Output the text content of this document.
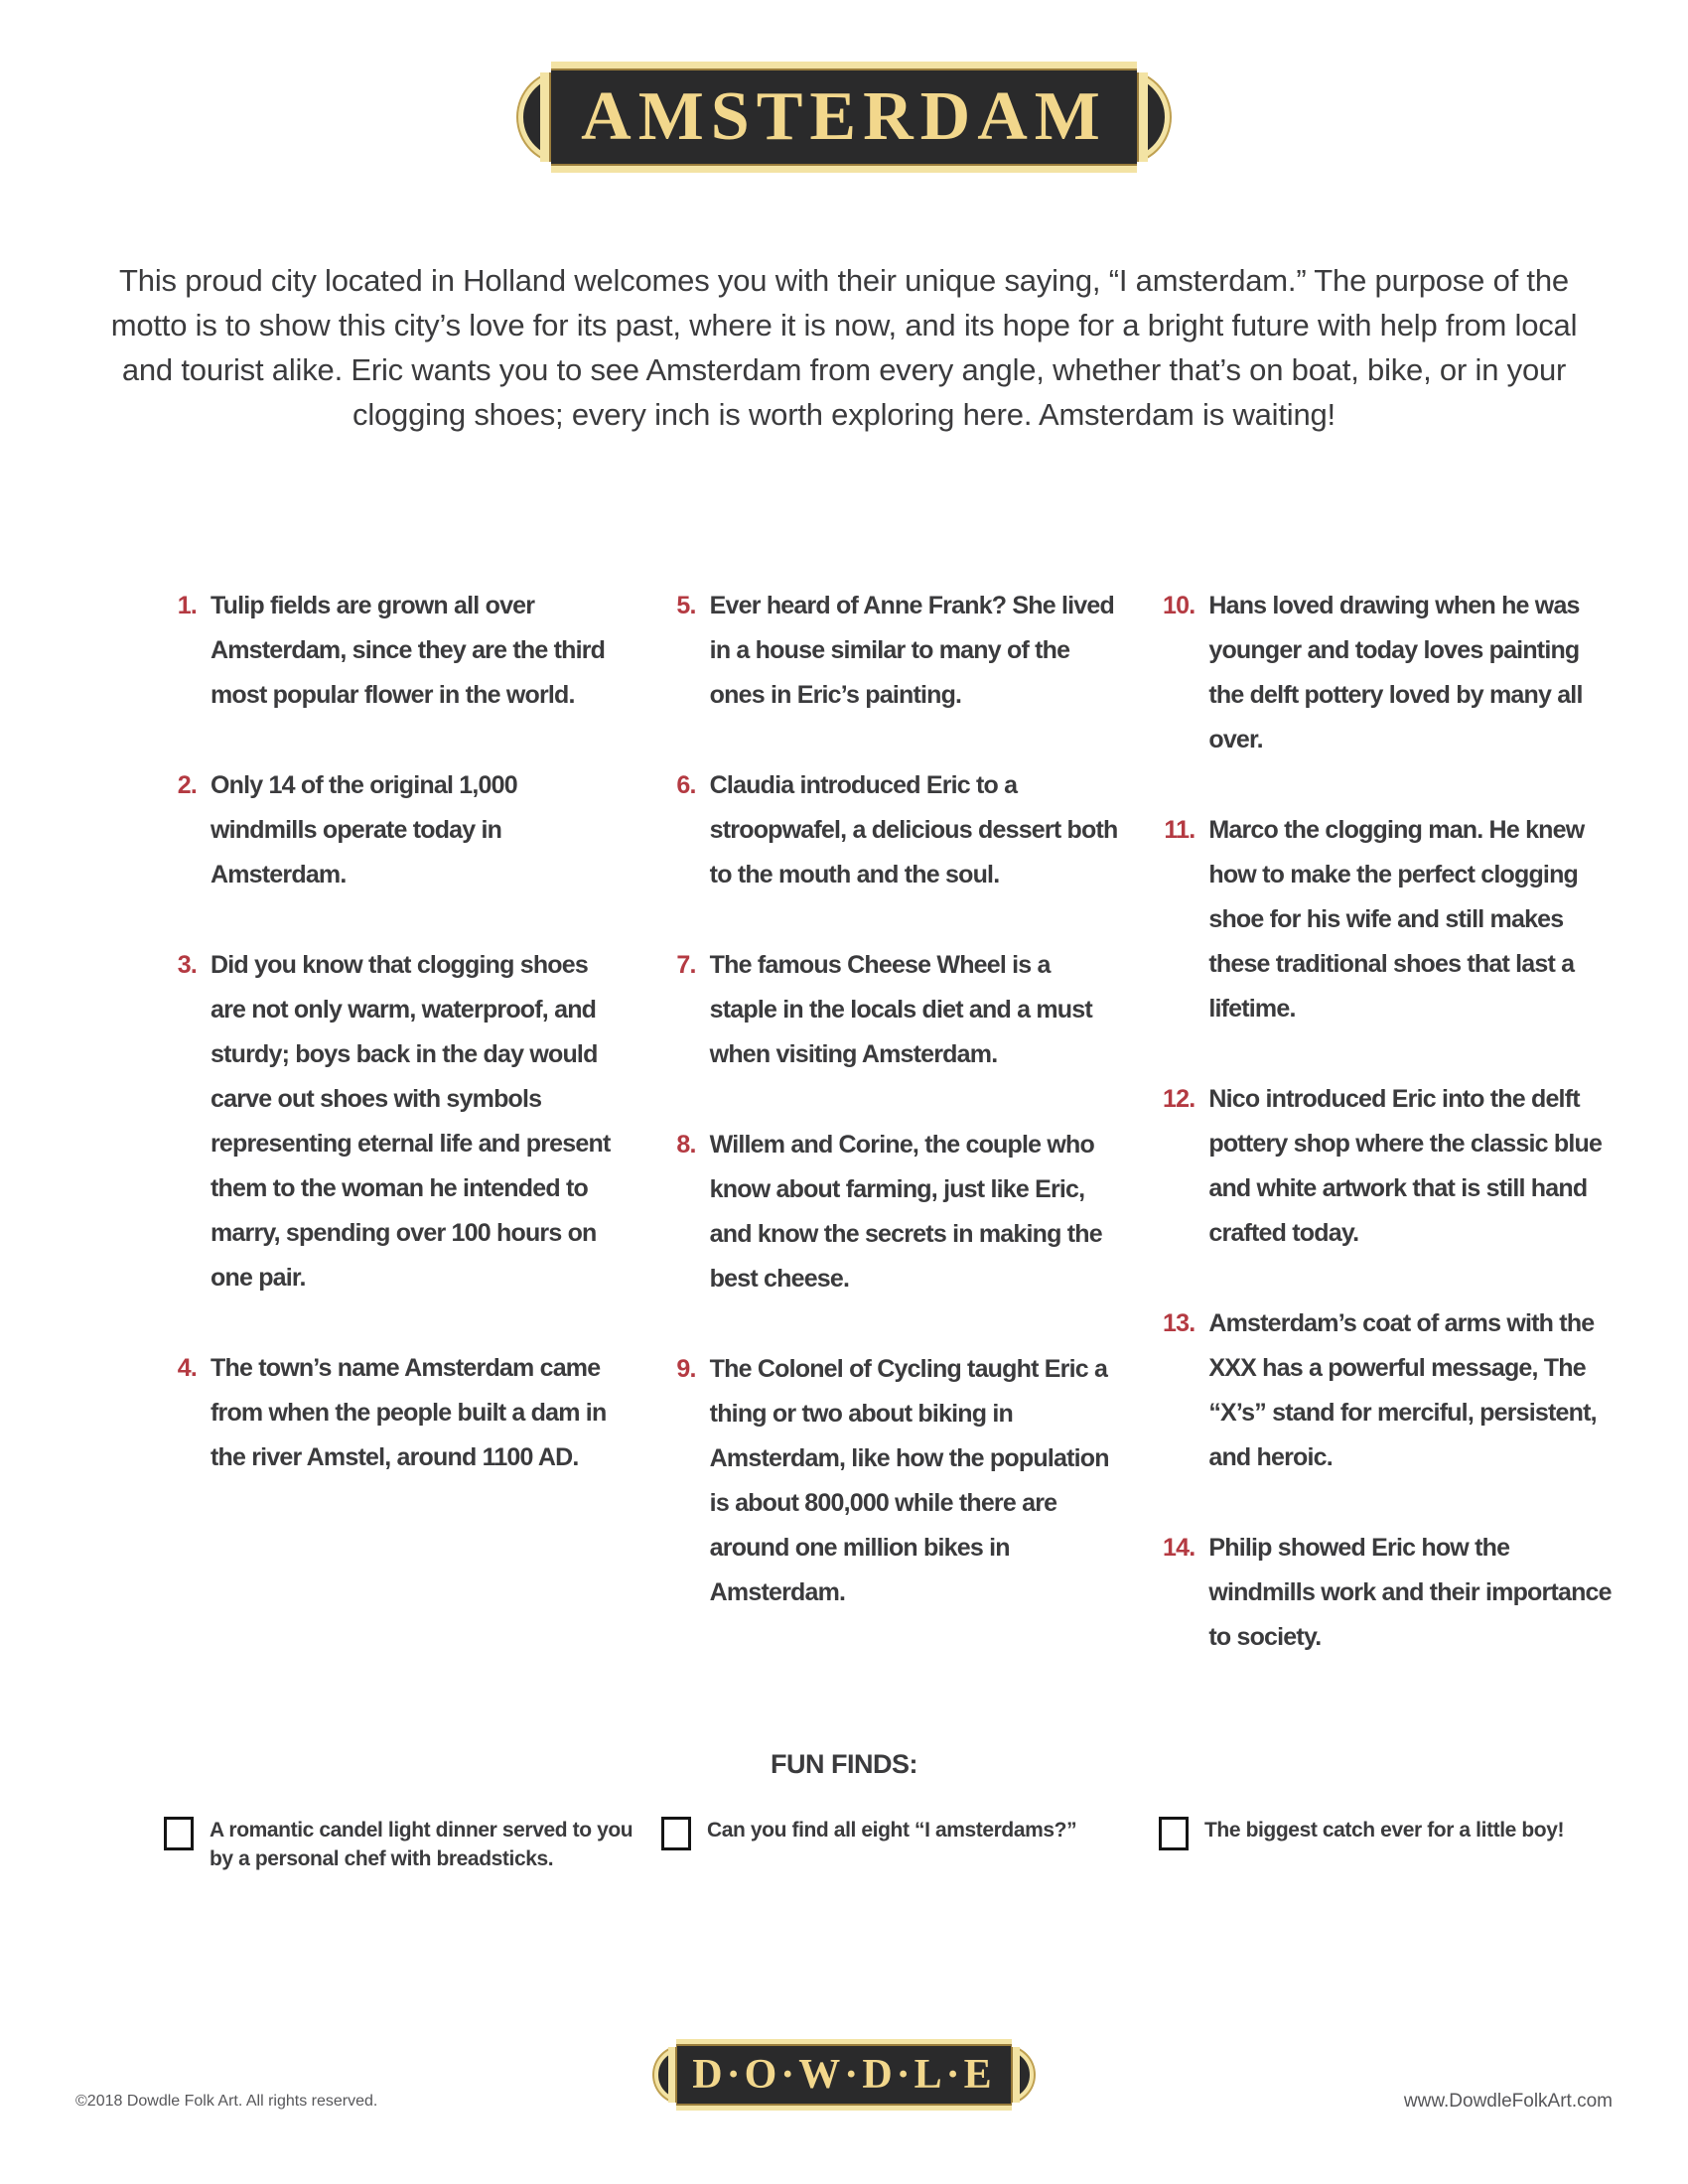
AMSTERDAM

This proud city located in Holland welcomes you with their unique saying, “I amsterdam.” The purpose of the motto is to show this city’s love for its past, where it is now, and its hope for a bright future with help from local and tourist alike. Eric wants you to see Amsterdam from every angle, whether that’s on boat, bike, or in your clogging shoes; every inch is worth exploring here. Amsterdam is waiting!

1. Tulip fields are grown all over Amsterdam, since they are the third most popular flower in the world.
2. Only 14 of the original 1,000 windmills operate today in Amsterdam.
3. Did you know that clogging shoes are not only warm, waterproof, and sturdy; boys back in the day would carve out shoes with symbols representing eternal life and present them to the woman he intended to marry, spending over 100 hours on one pair.
4. The town’s name Amsterdam came from when the people built a dam in the river Amstel, around 1100 AD.
5. Ever heard of Anne Frank? She lived in a house similar to many of the ones in Eric’s painting.
6. Claudia introduced Eric to a stroopwafel, a delicious dessert both to the mouth and the soul.
7. The famous Cheese Wheel is a staple in the locals diet and a must when visiting Amsterdam.
8. Willem and Corine, the couple who know about farming, just like Eric, and know the secrets in making the best cheese.
9. The Colonel of Cycling taught Eric a thing or two about biking in Amsterdam, like how the population is about 800,000 while there are around one million bikes in Amsterdam.
10. Hans loved drawing when he was younger and today loves painting the delft pottery loved by many all over.
11. Marco the clogging man. He knew how to make the perfect clogging shoe for his wife and still makes these traditional shoes that last a lifetime.
12. Nico introduced Eric into the delft pottery shop where the classic blue and white artwork that is still hand crafted today.
13. Amsterdam’s coat of arms with the XXX has a powerful message, The “X’s” stand for merciful, persistent, and heroic.
14. Philip showed Eric how the windmills work and their importance to society.
FUN FINDS:
A romantic candel light dinner served to you by a personal chef with breadsticks.
Can you find all eight “I amsterdams?”	The biggest catch ever for a little boy!
D·O·W·D·L·E
©2018 Dowdle Folk Art. All rights reserved.	www.DowdleFolkArt.com
